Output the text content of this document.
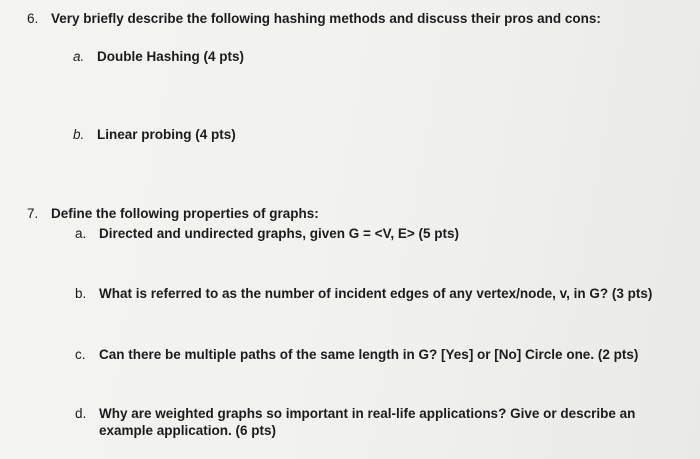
6. Very briefly describe the following hashing methods and discuss their pros and cons:
a. Double Hashing (4 pts)
b. Linear probing (4 pts)
7. Define the following properties of graphs:
a. Directed and undirected graphs, given G = <V, E> (5 pts)
b. What is referred to as the number of incident edges of any vertex/node, v, in G? (3 pts)
c. Can there be multiple paths of the same length in G? [Yes] or [No] Circle one. (2 pts)
d. Why are weighted graphs so important in real-life applications? Give or describe an
example application. (6 pts)
